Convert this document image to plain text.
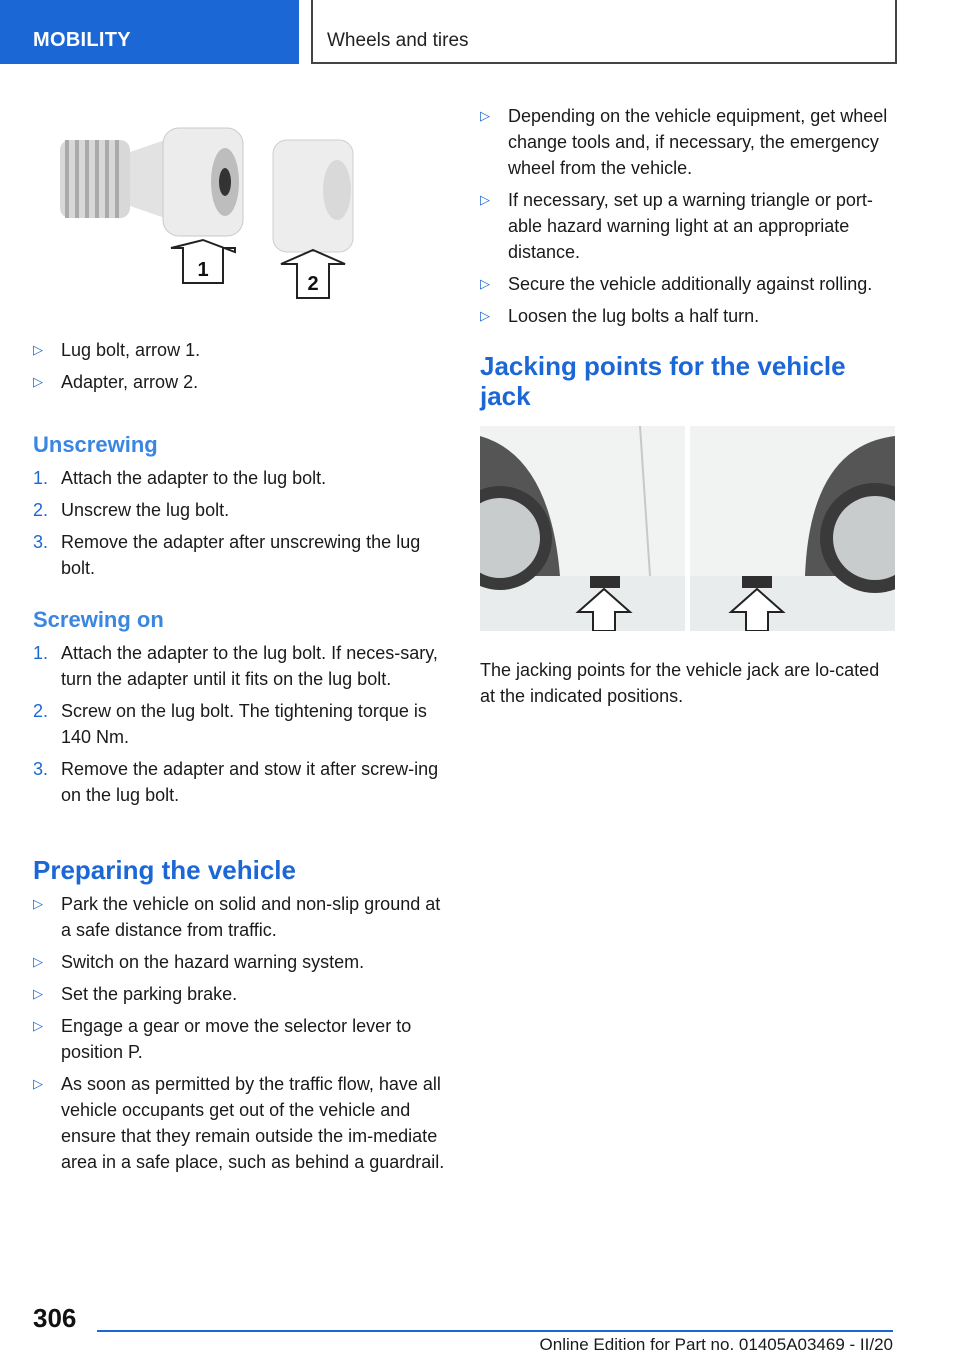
MOBILITY	Wheels and tires
1
2
▷ Lug bolt, arrow 1.
▷ Adapter, arrow 2.
Unscrewing
1. Attach the adapter to the lug bolt.
2. Unscrew the lug bolt.
3. Remove the adapter after unscrewing the lug bolt.
Screwing on
1. Attach the adapter to the lug bolt. If neces-sary, turn the adapter until it fits on the lug bolt.
2. Screw on the lug bolt. The tightening torque is 140 Nm.
3. Remove the adapter and stow it after screw-ing on the lug bolt.
Preparing the vehicle
▷ Park the vehicle on solid and non-slip ground at a safe distance from traffic.
▷ Switch on the hazard warning system.
▷ Set the parking brake.
▷ Engage a gear or move the selector lever to position P.
▷ As soon as permitted by the traffic flow, have all vehicle occupants get out of the vehicle and ensure that they remain outside the im-mediate area in a safe place, such as behind a guardrail.
▷ Depending on the vehicle equipment, get wheel change tools and, if necessary, the emergency wheel from the vehicle.
▷ If necessary, set up a warning triangle or port-able hazard warning light at an appropriate distance.
▷ Secure the vehicle additionally against rolling.
▷ Loosen the lug bolts a half turn.
Jacking points for the vehicle jack

The jacking points for the vehicle jack are lo-cated at the indicated positions.

306
Online Edition for Part no. 01405A03469 - II/20
